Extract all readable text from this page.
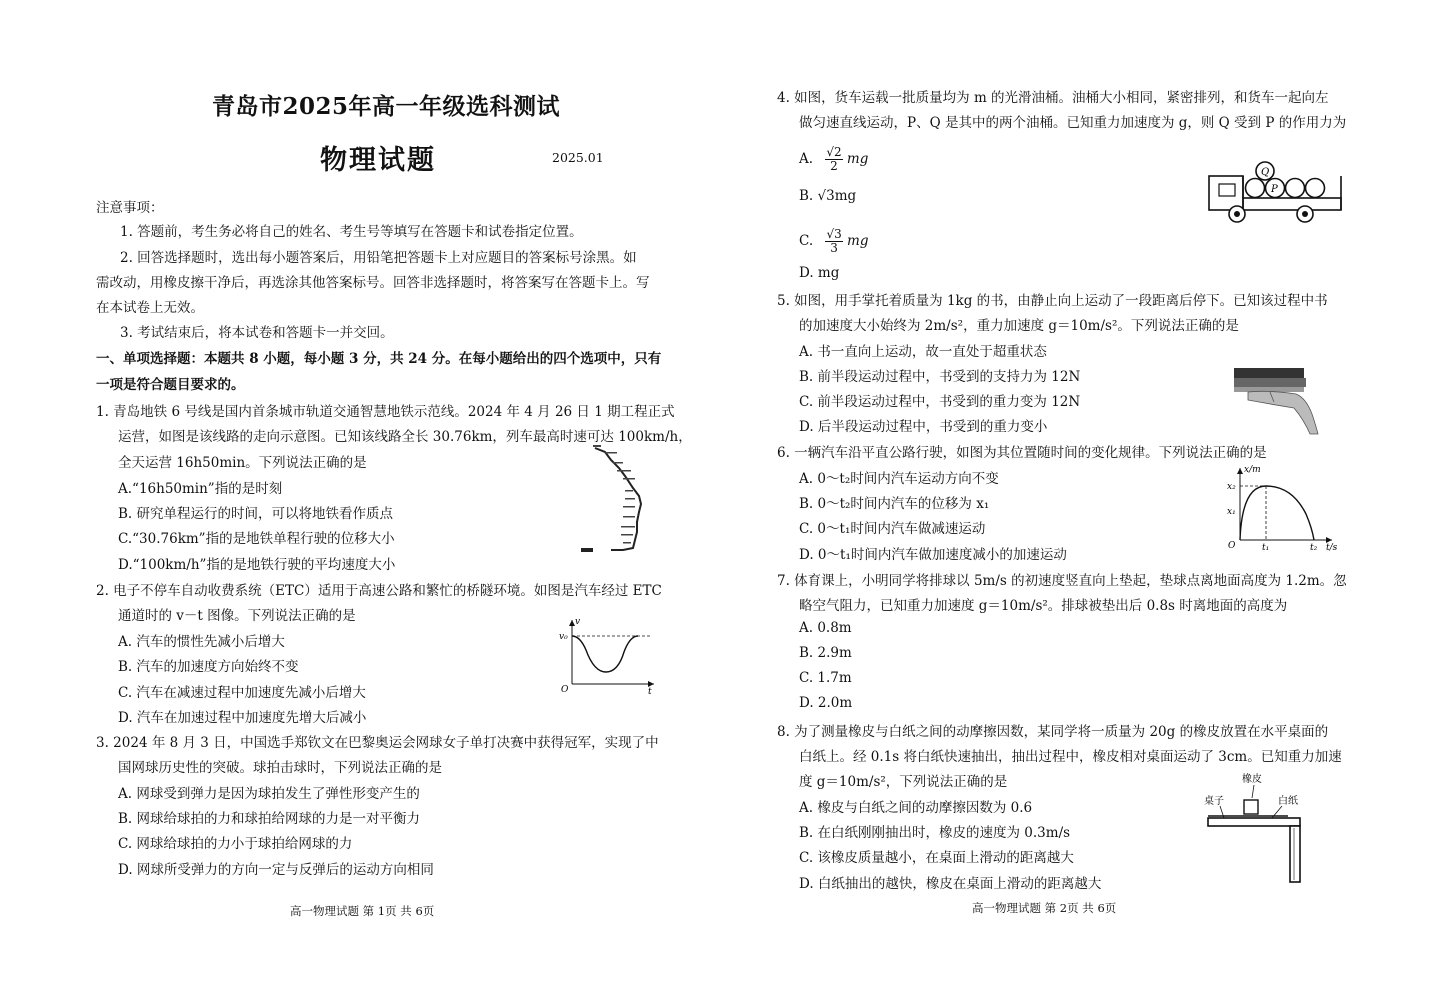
青岛市2025年高一年级选科测试
物理试题	2025.01
注意事项：
1. 答题前，考生务必将自己的姓名、考生号等填写在答题卡和试卷指定位置。
2. 回答选择题时，选出每小题答案后，用铅笔把答题卡上对应题目的答案标号涂黑。如
需改动，用橡皮擦干净后，再选涂其他答案标号。回答非选择题时，将答案写在答题卡上。写
在本试卷上无效。
3. 考试结束后，将本试卷和答题卡一并交回。
一、单项选择题：本题共 8 小题，每小题 3 分，共 24 分。在每小题给出的四个选项中，只有
一项是符合题目要求的。
1. 青岛地铁 6 号线是国内首条城市轨道交通智慧地铁示范线。2024 年 4 月 26 日 1 期工程正式
运营，如图是该线路的走向示意图。已知该线路全长 30.76km，列车最高时速可达 100km/h，
全天运营 16h50min。下列说法正确的是
A.“16h50min”指的是时刻
B. 研究单程运行的时间，可以将地铁看作质点
C.“30.76km”指的是地铁单程行驶的位移大小
D.“100km/h”指的是地铁行驶的平均速度大小
2. 电子不停车自动收费系统（ETC）适用于高速公路和繁忙的桥隧环境。如图是汽车经过 ETC
通道时的 v－t 图像。下列说法正确的是
A. 汽车的惯性先减小后增大
B. 汽车的加速度方向始终不变
C. 汽车在减速过程中加速度先减小后增大
D. 汽车在加速过程中加速度先增大后减小
v
v₀
O	t
3. 2024 年 8 月 3 日，中国选手郑钦文在巴黎奥运会网球女子单打决赛中获得冠军，实现了中
国网球历史性的突破。球拍击球时，下列说法正确的是
A. 网球受到弹力是因为球拍发生了弹性形变产生的
B. 网球给球拍的力和球拍给网球的力是一对平衡力
C. 网球给球拍的力小于球拍给网球的力
D. 网球所受弹力的方向一定与反弹后的运动方向相同
高一物理试题 第 1页 共 6页
4. 如图，货车运载一批质量均为 m 的光滑油桶。油桶大小相同，紧密排列，和货车一起向左
做匀速直线运动，P、Q 是其中的两个油桶。已知重力加速度为 g，则 Q 受到 P 的作用力为
A. $\frac{√2}{2}$ mg
B. √3mg
C. $\frac{√3}{3}$ mg
D. mg
Q
P
5. 如图，用手掌托着质量为 1kg 的书，由静止向上运动了一段距离后停下。已知该过程中书
的加速度大小始终为 2m/s²，重力加速度 g＝10m/s²。下列说法正确的是
A. 书一直向上运动，故一直处于超重状态
B. 前半段运动过程中，书受到的支持力为 12N
C. 前半段运动过程中，书受到的重力变为 12N
D. 后半段运动过程中，书受到的重力变小
6. 一辆汽车沿平直公路行驶，如图为其位置随时间的变化规律。下列说法正确的是
A. 0～t₂时间内汽车运动方向不变
B. 0～t₂时间内汽车的位移为 x₁
C. 0～t₁时间内汽车做减速运动
D. 0～t₁时间内汽车做加速度减小的加速运动
x/m
x₂
x₁
O	t₁	t₂ t/s
7. 体育课上，小明同学将排球以 5m/s 的初速度竖直向上垫起，垫球点离地面高度为 1.2m。忽
略空气阻力，已知重力加速度 g＝10m/s²。排球被垫出后 0.8s 时离地面的高度为
A. 0.8m
B. 2.9m
C. 1.7m
D. 2.0m
8. 为了测量橡皮与白纸之间的动摩擦因数，某同学将一质量为 20g 的橡皮放置在水平桌面的
白纸上。经 0.1s 将白纸快速抽出，抽出过程中，橡皮相对桌面运动了 3cm。已知重力加速
度 g＝10m/s²，下列说法正确的是
A. 橡皮与白纸之间的动摩擦因数为 0.6
B. 在白纸刚刚抽出时，橡皮的速度为 0.3m/s
C. 该橡皮质量越小，在桌面上滑动的距离越大
D. 白纸抽出的越快，橡皮在桌面上滑动的距离越大
橡皮
桌子	白纸
高一物理试题 第 2页 共 6页
